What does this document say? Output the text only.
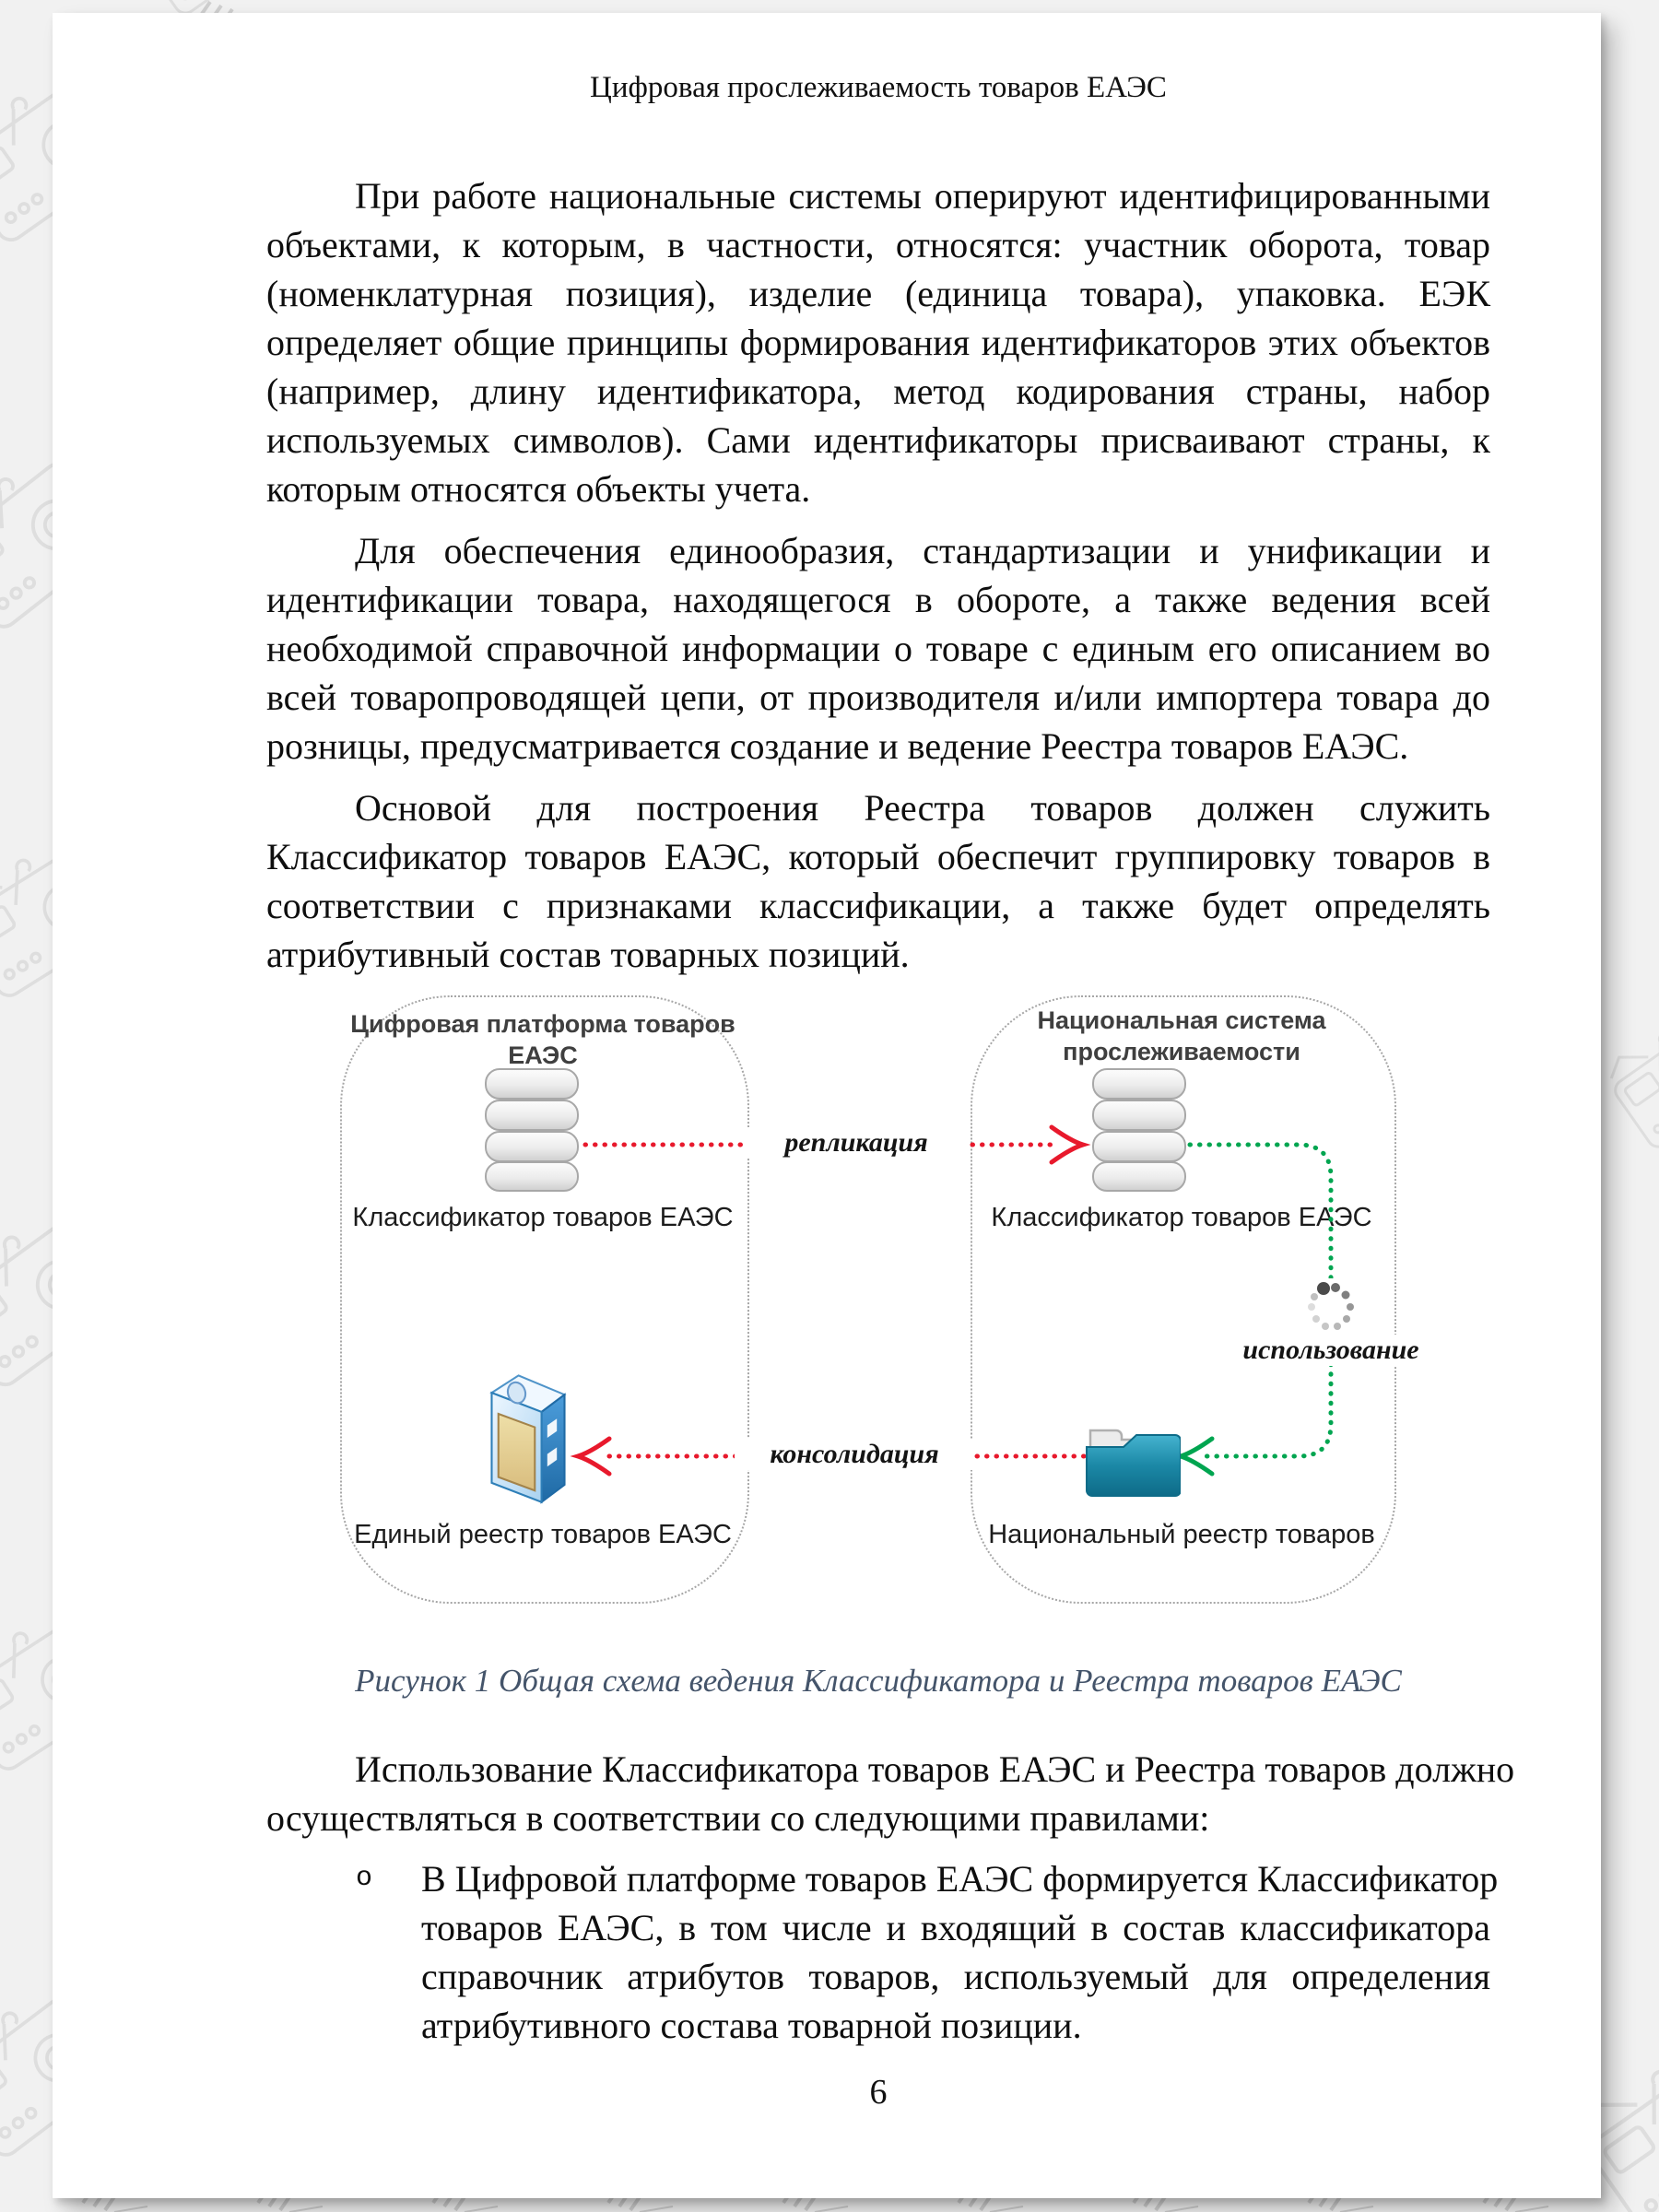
Цифровая прослеживаемость товаров ЕАЭС
При работе национальные системы оперируют идентифицированными
объектами, к которым, в частности, относятся: участник оборота, товар
(номенклатурная позиция), изделие (единица товара), упаковка. ЕЭК
определяет общие принципы формирования идентификаторов этих объектов
(например, длину идентификатора, метод кодирования страны, набор
используемых символов). Сами идентификаторы присваивают страны, к
которым относятся объекты учета.
Для обеспечения единообразия, стандартизации и унификации и
идентификации товара, находящегося в обороте, а также ведения всей
необходимой справочной информации о товаре с единым его описанием во
всей товаропроводящей цепи, от производителя и/или импортера товара до
розницы, предусматривается создание и ведение Реестра товаров ЕАЭС.
Основой для построения Реестра товаров должен служить
Классификатор товаров ЕАЭС, который обеспечит группировку товаров в
соответствии с признаками классификации, а также будет определять
атрибутивный состав товарных позиций.
Цифровая платформа товаров ЕАЭС
Национальная система
прослеживаемости
Классификатор товаров ЕАЭС	Классификатор товаров ЕАЭС
репликация
консолидация
использование
Единый реестр товаров ЕАЭС	Национальный реестр товаров
Рисунок 1 Общая схема ведения Классификатора и Реестра товаров ЕАЭС
Использование Классификатора товаров ЕАЭС и Реестра товаров должно
осуществляться в соответствии со следующими правилами:
o	В Цифровой платформе товаров ЕАЭС формируется Классификатор
товаров ЕАЭС, в том числе и входящий в состав классификатора
справочник атрибутов товаров, используемый для определения
атрибутивного состава товарной позиции.
6
